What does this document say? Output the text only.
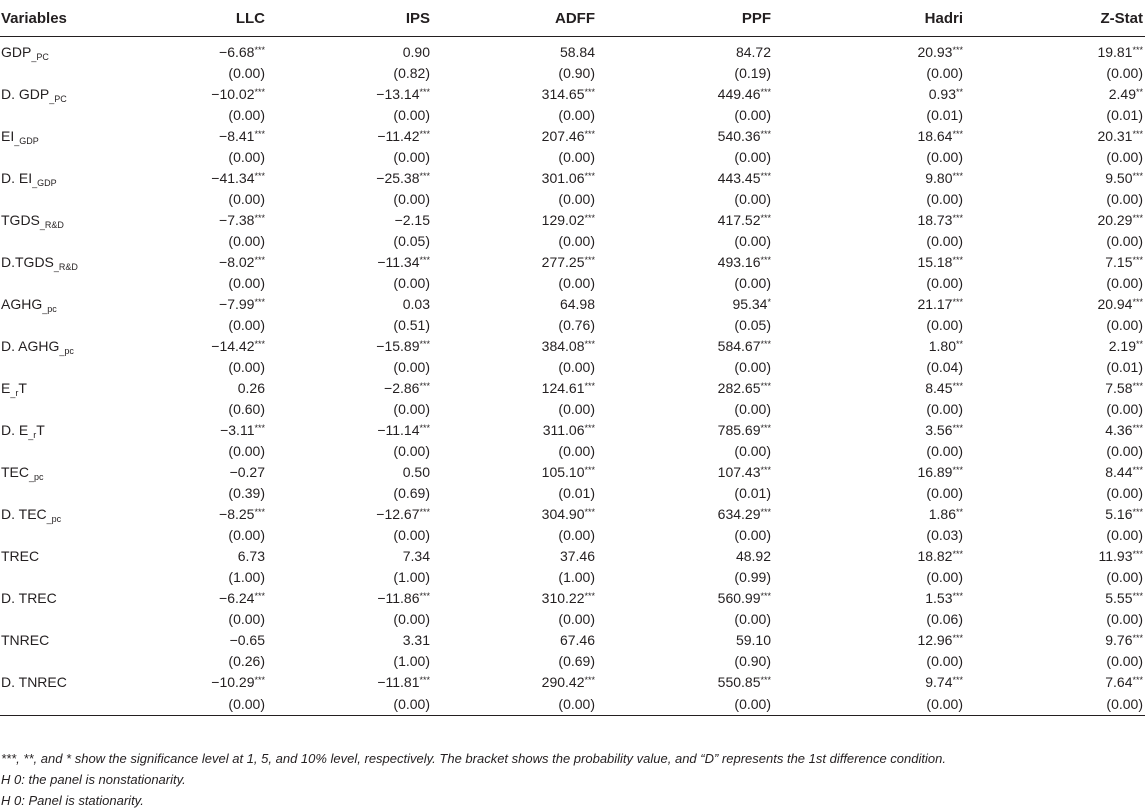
Variables	LLC	IPS	ADFF	PPF	Hadri	Z-Stat
$GDP_{\_PC}$	−6.68***	0.90	58.84	84.72	20.93***	19.81***
	(0.00)	(0.82)	(0.90)	(0.19)	(0.00)	(0.00)
D. $GDP_{\_PC}$	−10.02***	−13.14***	314.65***	449.46***	0.93**	2.49**
	(0.00)	(0.00)	(0.00)	(0.00)	(0.01)	(0.01)
$EI_{\_GDP}$	−8.41***	−11.42***	207.46***	540.36***	18.64***	20.31***
	(0.00)	(0.00)	(0.00)	(0.00)	(0.00)	(0.00)
D. $EI_{\_GDP}$	−41.34***	−25.38***	301.06***	443.45***	9.80***	9.50***
	(0.00)	(0.00)	(0.00)	(0.00)	(0.00)	(0.00)
$TGDS_{\_R\&D}$	−7.38***	−2.15	129.02***	417.52***	18.73***	20.29***
	(0.00)	(0.05)	(0.00)	(0.00)	(0.00)	(0.00)
$D.TGDS_{\_R\&D}$	−8.02***	−11.34***	277.25***	493.16***	15.18***	7.15***
	(0.00)	(0.00)	(0.00)	(0.00)	(0.00)	(0.00)
$AGHG_{\_pc}$	−7.99***	0.03	64.98	95.34*	21.17***	20.94***
	(0.00)	(0.51)	(0.76)	(0.05)	(0.00)	(0.00)
D. $AGHG_{\_pc}$	−14.42***	−15.89***	384.08***	584.67***	1.80**	2.19**
	(0.00)	(0.00)	(0.00)	(0.00)	(0.04)	(0.01)
$E_{\_r}T$	0.26	−2.86***	124.61***	282.65***	8.45***	7.58***
	(0.60)	(0.00)	(0.00)	(0.00)	(0.00)	(0.00)
D. $E_{\_r}T$	−3.11***	−11.14***	311.06***	785.69***	3.56***	4.36***
	(0.00)	(0.00)	(0.00)	(0.00)	(0.00)	(0.00)
$TEC_{\_pc}$	−0.27	0.50	105.10***	107.43***	16.89***	8.44***
	(0.39)	(0.69)	(0.01)	(0.01)	(0.00)	(0.00)
D. $TEC_{\_pc}$	−8.25***	−12.67***	304.90***	634.29***	1.86**	5.16***
	(0.00)	(0.00)	(0.00)	(0.00)	(0.03)	(0.00)
TREC	6.73	7.34	37.46	48.92	18.82***	11.93***
	(1.00)	(1.00)	(1.00)	(0.99)	(0.00)	(0.00)
D. TREC	−6.24***	−11.86***	310.22***	560.99***	1.53***	5.55***
	(0.00)	(0.00)	(0.00)	(0.00)	(0.06)	(0.00)
TNREC	−0.65	3.31	67.46	59.10	12.96***	9.76***
	(0.26)	(1.00)	(0.69)	(0.90)	(0.00)	(0.00)
D. TNREC	−10.29***	−11.81***	290.42***	550.85***	9.74***	7.64***
	(0.00)	(0.00)	(0.00)	(0.00)	(0.00)	(0.00)

***, **, and * show the significance level at 1, 5, and 10% level, respectively. The bracket shows the probability value, and “D” represents the 1st difference condition.

H 0: the panel is nonstationarity.

H 0: Panel is stationarity.
